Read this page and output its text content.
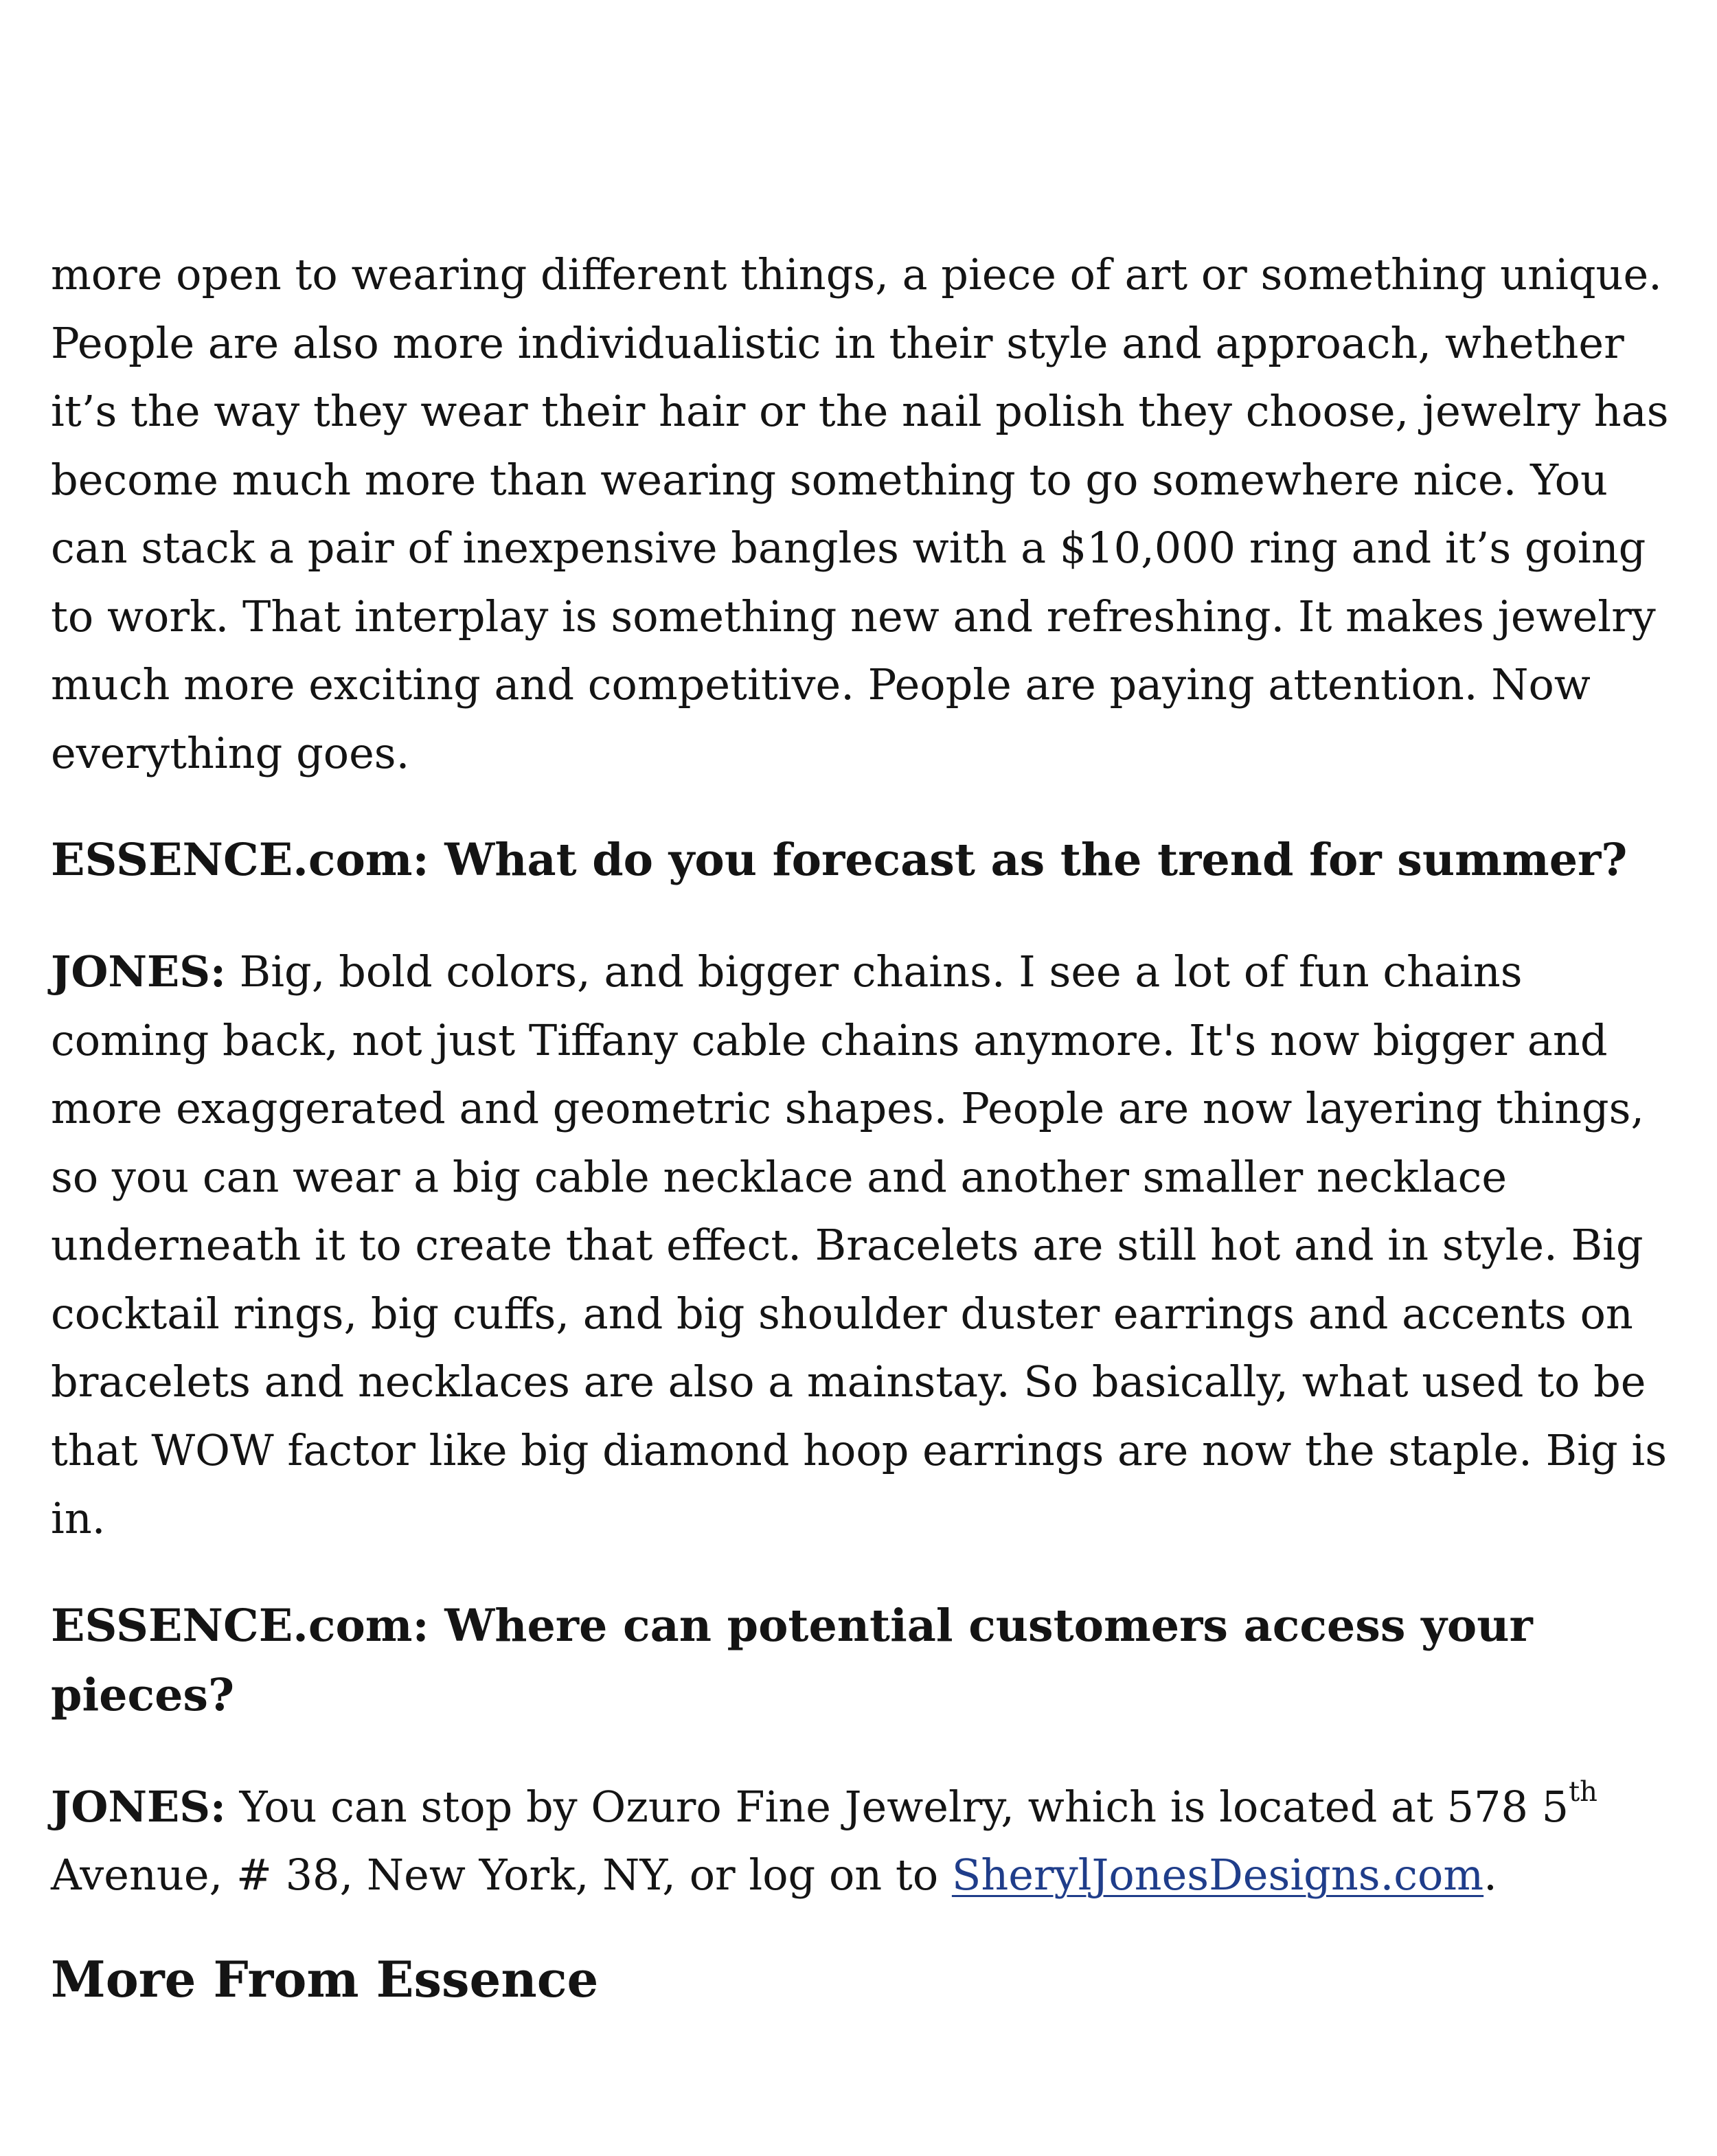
more open to wearing different things, a piece of art or something unique. People are also more individualistic in their style and approach, whether it’s the way they wear their hair or the nail polish they choose, jewelry has become much more than wearing something to go somewhere nice. You can stack a pair of inexpensive bangles with a $10,000 ring and it’s going to work. That interplay is something new and refreshing. It makes jewelry much more exciting and competitive. People are paying attention. Now everything goes.

ESSENCE.com: What do you forecast as the trend for summer?

JONES: Big, bold colors, and bigger chains. I see a lot of fun chains coming back, not just Tiffany cable chains anymore. It's now bigger and more exaggerated and geometric shapes. People are now layering things, so you can wear a big cable necklace and another smaller necklace underneath it to create that effect. Bracelets are still hot and in style. Big cocktail rings, big cuffs, and big shoulder duster earrings and accents on bracelets and necklaces are also a mainstay. So basically, what used to be that WOW factor like big diamond hoop earrings are now the staple. Big is in.

ESSENCE.com: Where can potential customers access your pieces?

JONES: You can stop by Ozuro Fine Jewelry, which is located at 578 5th
Avenue, # 38, New York, NY, or log on to SherylJonesDesigns.com.

More From Essence
